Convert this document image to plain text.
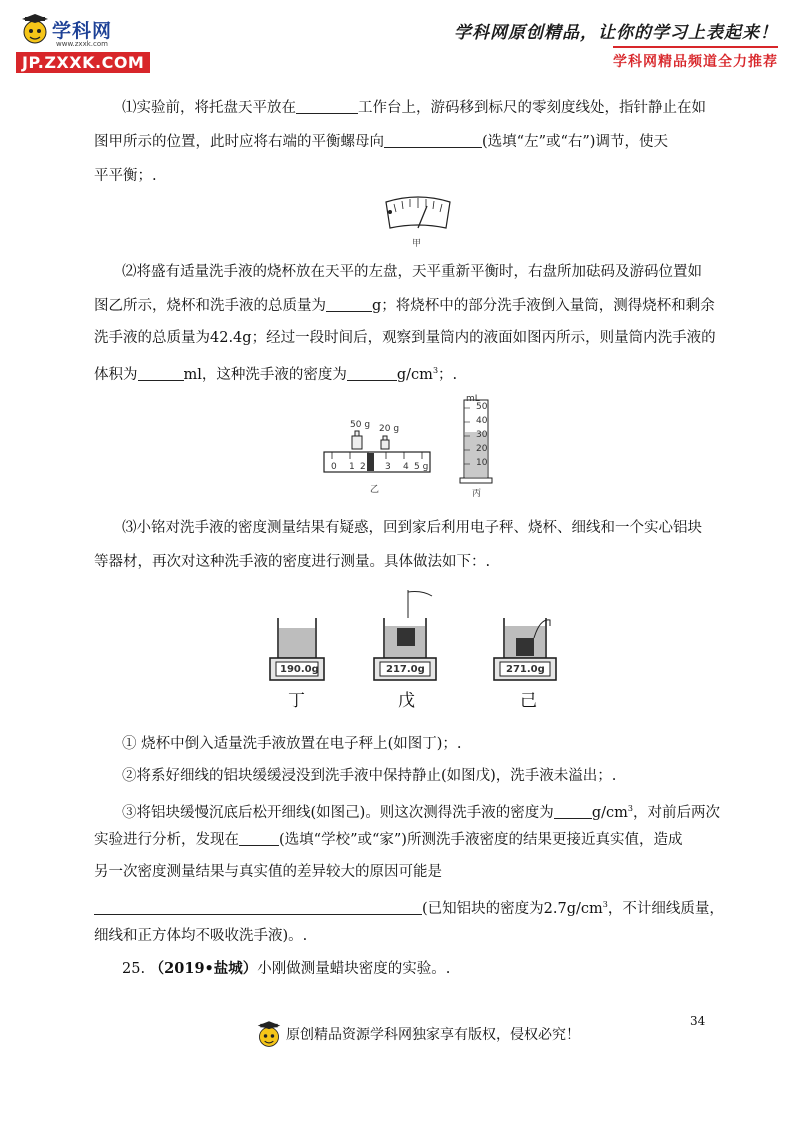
学科网
www.zxxk.com
JP.ZXXK.COM
学科网原创精品，让你的学习上表起来！
学科网精品频道全力推荐
⑴实验前，将托盘天平放在	工作台上，游码移到标尺的零刻度线处，指针静止在如
图甲所示的位置，此时应将右端的平衡螺母向	(选填“左”或“右”)调节，使天
平平衡；.
甲
⑵将盛有适量洗手液的烧杯放在天平的左盘，天平重新平衡时，右盘所加砝码及游码位置如
图乙所示，烧杯和洗手液的总质量为	g；将烧杯中的部分洗手液倒入量筒，测得烧杯和剩余
洗手液的总质量为42.4g；经过一段时间后，观察到量筒内的液面如图丙所示，则量筒内洗手液的
体积为	ml，这种洗手液的密度为	$g/cm^3$；.
50 g 20 g
0 1 2 3 4 5 g
乙
mL
50
40
30
20
10
丙
⑶小铭对洗手液的密度测量结果有疑惑，回到家后利用电子秤、烧杯、细线和一个实心铝块
等器材，再次对这种洗手液的密度进行测量。具体做法如下：.
190.0g
丁
217.0g
戊
271.0g
己
① 烧杯中倒入适量洗手液放置在电子秤上(如图丁)；.
②将系好细线的铝块缓缓浸没到洗手液中保持静止(如图戊)，洗手液未溢出；.
③将铝块缓慢沉底后松开细线(如图己)。则这次测得洗手液的密度为	$g/cm^3$，对前后两次
实验进行分析，发现在	(选填“学校”或“家”)所测洗手液密度的结果更接近真实值，造成
另一次密度测量结果与真实值的差异较大的原因可能是
(已知铝块的密度为$2.7g/cm^3$，不计细线质量，
细线和正方体均不吸收洗手液)。.
25. （2019•盐城）小刚做测量蜡块密度的实验。.
34
原创精品资源学科网独家享有版权，侵权必究！
